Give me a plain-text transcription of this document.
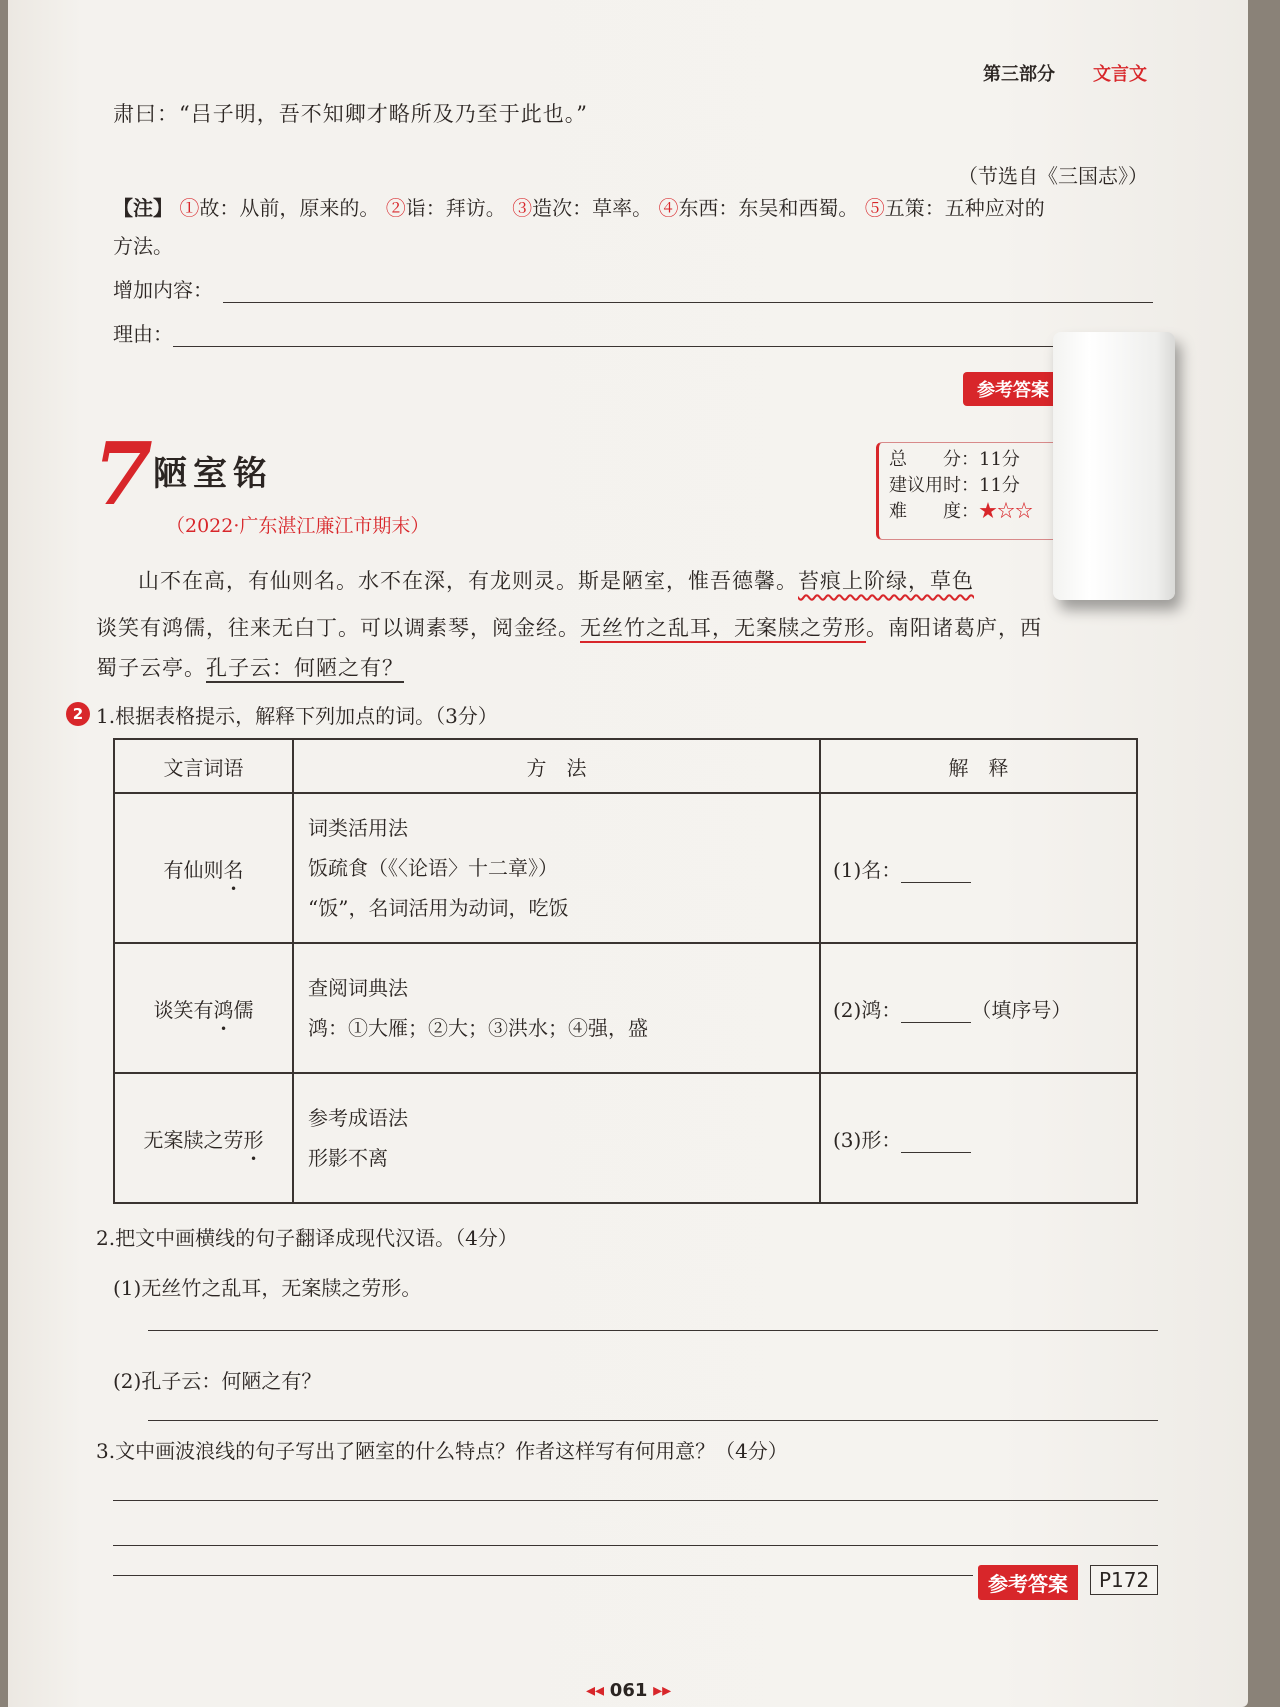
第三部分 文言文
肃曰：“吕子明，吾不知卿才略所及乃至于此也。”
（节选自《三国志》）
【注】 ①故：从前，原来的。 ②诣：拜访。 ③造次：草率。 ④东西：东吴和西蜀。 ⑤五策：五种应对的
方法。
增加内容：
理由：
参考答案
7 陋室铭
（2022·广东湛江廉江市期末）
总　　分：11分
建议用时：11分
难　　度：★☆☆
山不在高，有仙则名。水不在深，有龙则灵。斯是陋室，惟吾德馨。苔痕上阶绿，草色
谈笑有鸿儒，往来无白丁。可以调素琴，阅金经。无丝竹之乱耳，无案牍之劳形。南阳诸葛庐，西
蜀子云亭。孔子云：何陋之有？
2 1.根据表格提示，解释下列加点的词。（3分）
文言词语	方　法	解　释
有仙则名	词类活用法
饭疏食（《〈论语〉十二章》）
“饭”，名词活用为动词，吃饭	(1)名：
谈笑有鸿儒	查阅词典法
鸿：①大雁；②大；③洪水；④强，盛	(2)鸿： （填序号）
无案牍之劳形	参考成语法
形影不离	(3)形：
2.把文中画横线的句子翻译成现代汉语。（4分）
(1)无丝竹之乱耳，无案牍之劳形。
(2)孔子云：何陋之有？
3.文中画波浪线的句子写出了陋室的什么特点？作者这样写有何用意？（4分）
参考答案	P172
◂◂ 061 ▸▸
